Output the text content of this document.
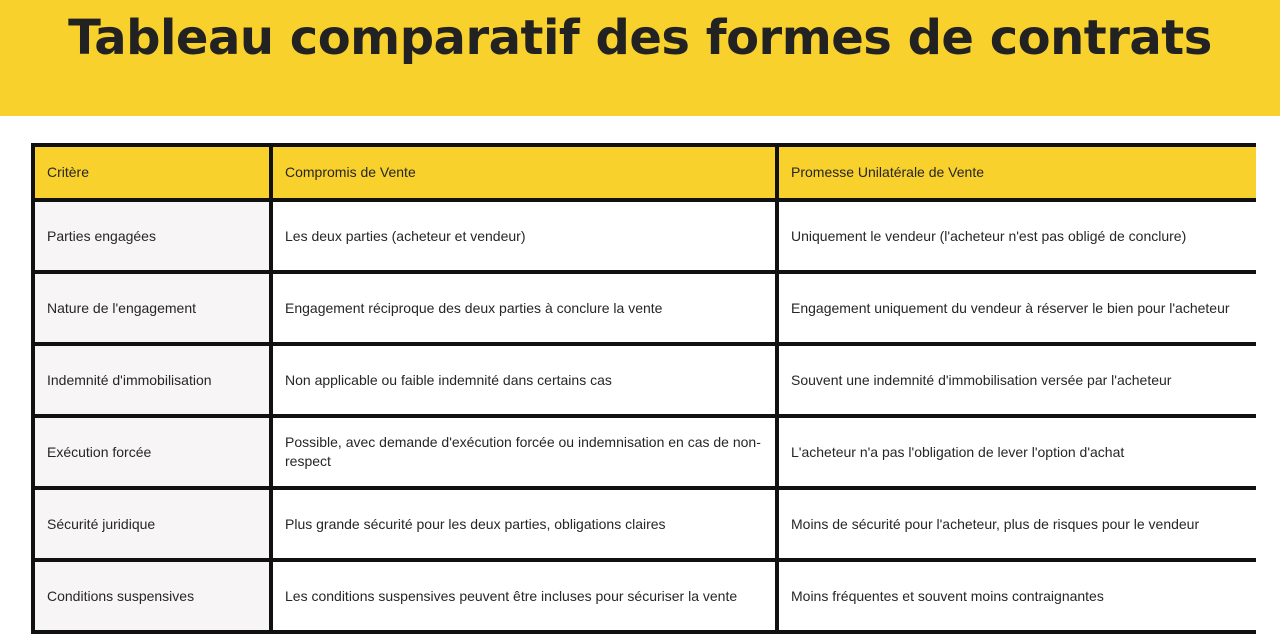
Tableau comparatif des formes de contrats
Critère	Compromis de Vente	Promesse Unilatérale de Vente
Parties engagées	Les deux parties (acheteur et vendeur)	Uniquement le vendeur (l'acheteur n'est pas obligé de conclure)
Nature de l'engagement	Engagement réciproque des deux parties à conclure la vente	Engagement uniquement du vendeur à réserver le bien pour l'acheteur
Indemnité d'immobilisation	Non applicable ou faible indemnité dans certains cas	Souvent une indemnité d'immobilisation versée par l'acheteur
Exécution forcée	Possible, avec demande d'exécution forcée ou indemnisation en cas de non-respect	L'acheteur n'a pas l'obligation de lever l'option d'achat
Sécurité juridique	Plus grande sécurité pour les deux parties, obligations claires	Moins de sécurité pour l'acheteur, plus de risques pour le vendeur
Conditions suspensives	Les conditions suspensives peuvent être incluses pour sécuriser la vente	Moins fréquentes et souvent moins contraignantes
